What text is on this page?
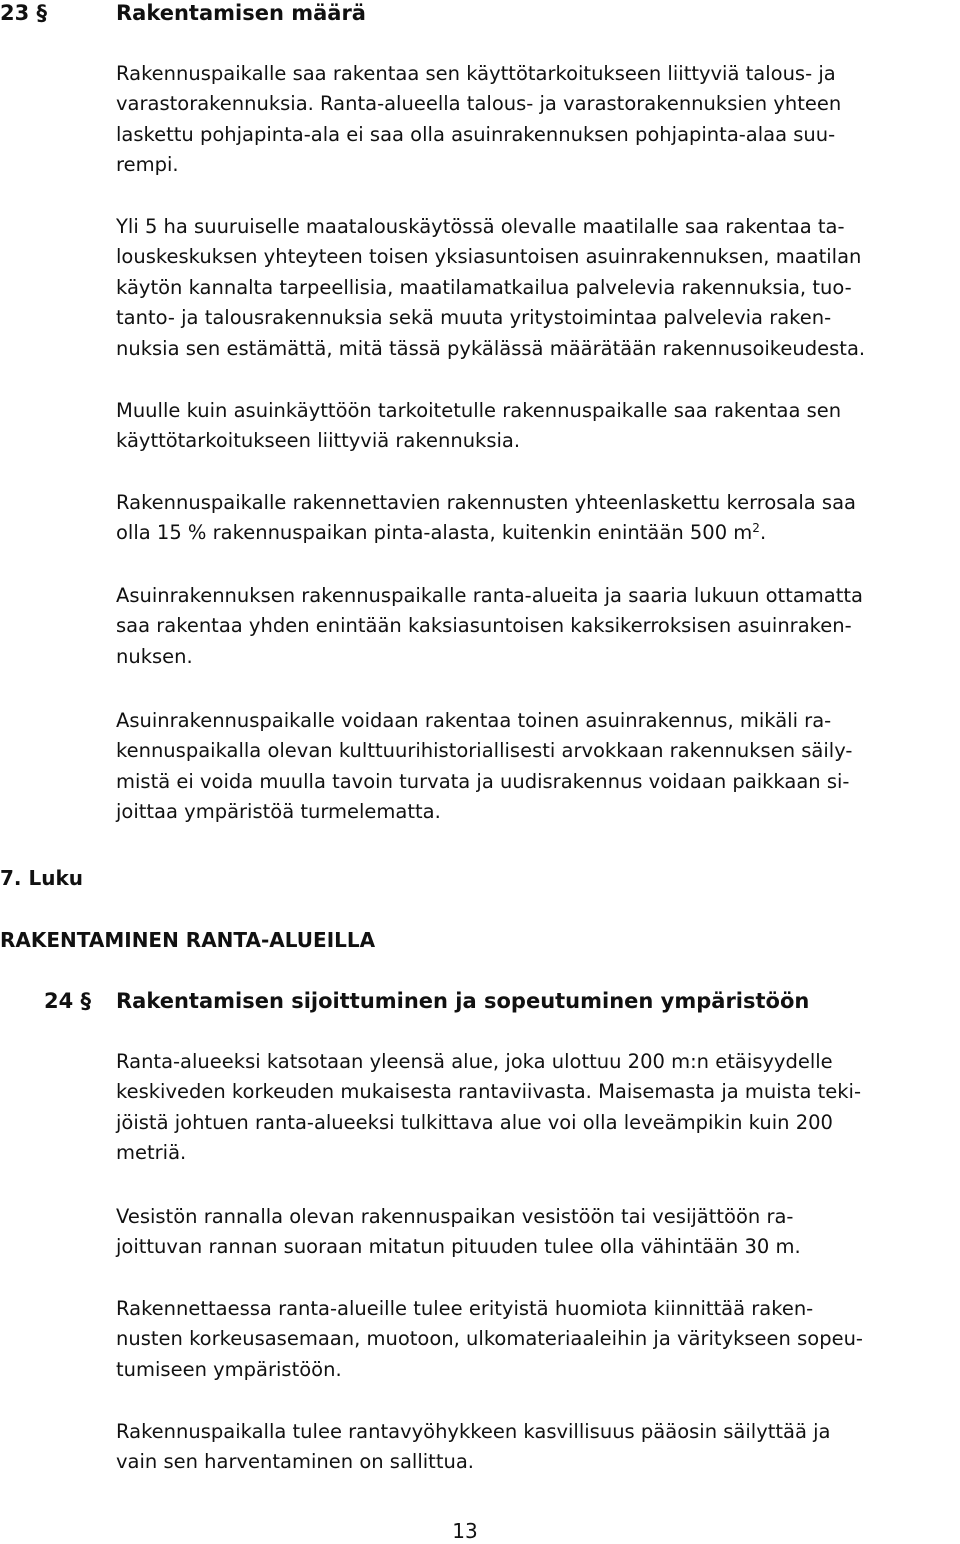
23 §	Rakentamisen määrä
Rakennuspaikalle saa rakentaa sen käyttötarkoitukseen liittyviä talous- ja
varastorakennuksia. Ranta-alueella talous- ja varastorakennuksien yhteen
laskettu pohjapinta-ala ei saa olla asuinrakennuksen pohjapinta-alaa suu-
rempi.
Yli 5 ha suuruiselle maatalouskäytössä olevalle maatilalle saa rakentaa ta-
louskeskuksen yhteyteen toisen yksiasuntoisen asuinrakennuksen, maatilan
käytön kannalta tarpeellisia, maatilamatkailua palvelevia rakennuksia, tuo-
tanto- ja talousrakennuksia sekä muuta yritystoimintaa palvelevia raken-
nuksia sen estämättä, mitä tässä pykälässä määrätään rakennusoikeudesta.
Muulle kuin asuinkäyttöön tarkoitetulle rakennuspaikalle saa rakentaa sen
käyttötarkoitukseen liittyviä rakennuksia.
Rakennuspaikalle rakennettavien rakennusten yhteenlaskettu kerrosala saa
olla 15 % rakennuspaikan pinta-alasta, kuitenkin enintään 500 $m^2$.
Asuinrakennuksen rakennuspaikalle ranta-alueita ja saaria lukuun ottamatta
saa rakentaa yhden enintään kaksiasuntoisen kaksikerroksisen asuinraken-
nuksen.
Asuinrakennuspaikalle voidaan rakentaa toinen asuinrakennus, mikäli ra-
kennuspaikalla olevan kulttuurihistoriallisesti arvokkaan rakennuksen säily-
mistä ei voida muulla tavoin turvata ja uudisrakennus voidaan paikkaan si-
joittaa ympäristöä turmelematta.
7. Luku
RAKENTAMINEN RANTA-ALUEILLA
24 § Rakentamisen sijoittuminen ja sopeutuminen ympäristöön
Ranta-alueeksi katsotaan yleensä alue, joka ulottuu 200 m:n etäisyydelle
keskiveden korkeuden mukaisesta rantaviivasta. Maisemasta ja muista teki-
jöistä johtuen ranta-alueeksi tulkittava alue voi olla leveämpikin kuin 200
metriä.
Vesistön rannalla olevan rakennuspaikan vesistöön tai vesijättöön ra-
joittuvan rannan suoraan mitatun pituuden tulee olla vähintään 30 m.
Rakennettaessa ranta-alueille tulee erityistä huomiota kiinnittää raken-
nusten korkeusasemaan, muotoon, ulkomateriaaleihin ja väritykseen sopeu-
tumiseen ympäristöön.
Rakennuspaikalla tulee rantavyöhykkeen kasvillisuus pääosin säilyttää ja
vain sen harventaminen on sallittua.
13
